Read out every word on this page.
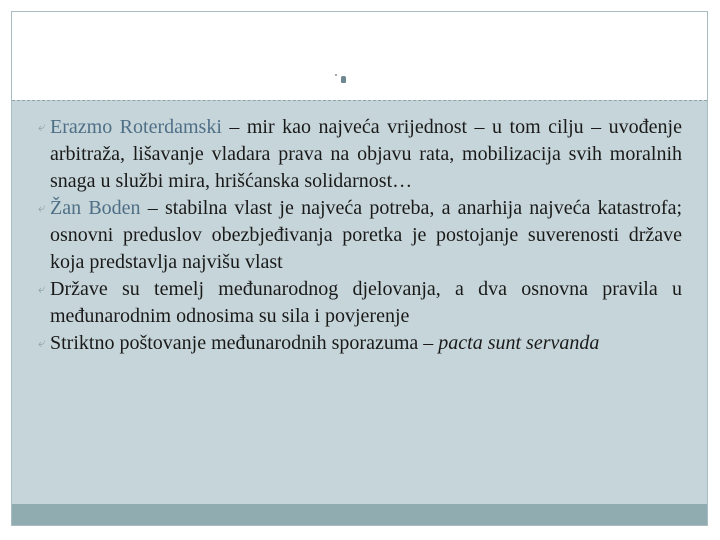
⤶ Erazmo Roterdamski – mir kao najveća vrijednost – u tom cilju – uvođenje arbitraža, lišavanje vladara prava na objavu rata, mobilizacija svih moralnih snaga u službi mira, hrišćanska solidarnost…
⤶ Žan Boden – stabilna vlast je najveća potreba, a anarhija najveća katastrofa; osnovni preduslov obezbjeđivanja poretka je postojanje suverenosti države koja predstavlja najvišu vlast
⤶ Države su temelj međunarodnog djelovanja, a dva osnovna pravila u međunarodnim odnosima su sila i povjerenje
⤶ Striktno poštovanje međunarodnih sporazuma – pacta sunt servanda
